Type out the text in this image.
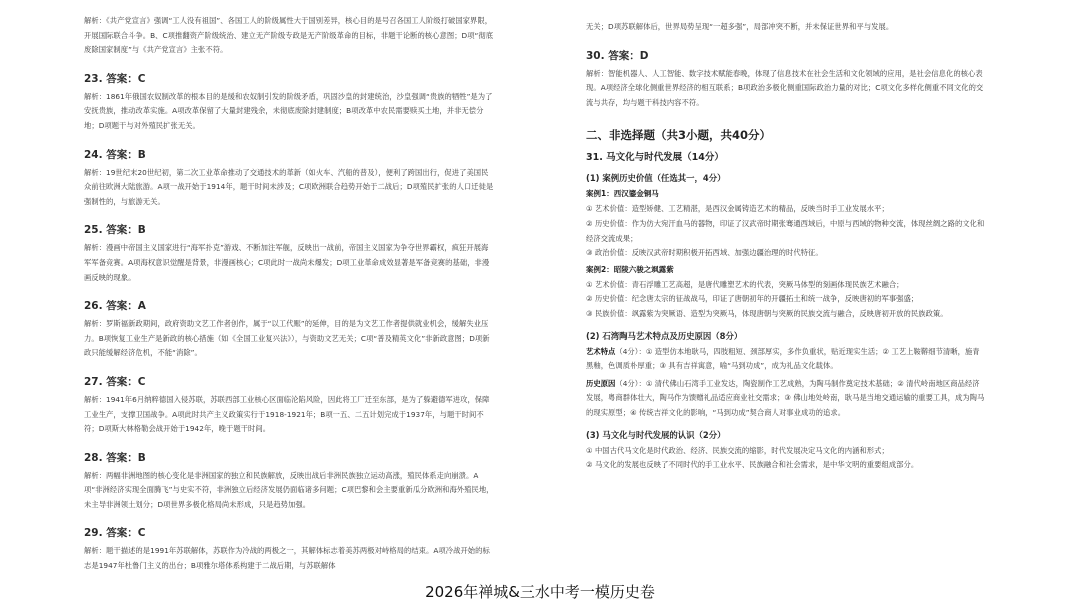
解析：《共产党宣言》强调“工人没有祖国”、各国工人的阶级属性大于国别差异，核心目的是号召各国工人阶级打破国家界限，开展国际联合斗争。B、C项推翻资产阶级统治、建立无产阶级专政是无产阶级革命的目标，非题干论断的核心意图；D项“彻底废除国家制度”与《共产党宣言》主张不符。

23. 答案：C

解析：1861年俄国农奴制改革的根本目的是缓和农奴制引发的阶级矛盾，巩固沙皇的封建统治，沙皇强调“贵族的牺牲”是为了安抚贵族，推动改革实施。A项改革保留了大量封建残余，未彻底废除封建制度；B项改革中农民需要赎买土地，并非无偿分地；D项题干与对外殖民扩张无关。

24. 答案：B

解析：19世纪末20世纪初，第二次工业革命推动了交通技术的革新（如火车、汽船的普及），便利了跨国出行，促进了美国民众前往欧洲大陆旅游。A项一战开始于1914年，题干时间未涉及；C项欧洲联合趋势开始于二战后；D项殖民扩张的人口迁徙是强制性的，与旅游无关。

25. 答案：B

解析：漫画中帝国主义国家进行“海军扑克”游戏、不断加注军舰，反映出一战前，帝国主义国家为争夺世界霸权，疯狂开展海军军备竞赛。A项海权意识觉醒是背景，非漫画核心；C项此时一战尚未爆发；D项工业革命成效显著是军备竞赛的基础，非漫画反映的现象。

26. 答案：A

解析：罗斯福新政期间，政府资助文艺工作者创作，属于“以工代赈”的延伸，目的是为文艺工作者提供就业机会，缓解失业压力。B项恢复工业生产是新政的核心措施（如《全国工业复兴法》），与资助文艺无关；C项“普及精英文化”非新政意图；D项新政只能缓解经济危机，不能“消除”。

27. 答案：C

解析：1941年6月纳粹德国入侵苏联，苏联西部工业核心区面临沦陷风险，因此将工厂迁至东部，是为了躲避德军进攻，保障工业生产，支撑卫国战争。A项此时共产主义政策实行于1918-1921年；B项一五、二五计划完成于1937年，与题干时间不符；D项斯大林格勒会战开始于1942年，晚于题干时间。

28. 答案：B

解析：两幅非洲地图的核心变化是非洲国家的独立和民族解放，反映出战后非洲民族独立运动高涨，殖民体系走向崩溃。A项“非洲经济实现全面腾飞”与史实不符，非洲独立后经济发展仍面临诸多问题；C项巴黎和会主要重新瓜分欧洲和海外殖民地，未主导非洲领土划分；D项世界多极化格局尚未形成，只是趋势加强。

29. 答案：C

解析：题干描述的是1991年苏联解体，苏联作为冷战的两极之一，其解体标志着美苏两极对峙格局的结束。A项冷战开始的标志是1947年杜鲁门主义的出台；B项雅尔塔体系构建于二战后期，与苏联解体

无关；D项苏联解体后，世界局势呈现“一超多强”，局部冲突不断，并未保证世界和平与发展。

30. 答案：D

解析：智能机器人、人工智能、数字技术赋能春晚，体现了信息技术在社会生活和文化领域的应用，是社会信息化的核心表现。A项经济全球化侧重世界经济的相互联系；B项政治多极化侧重国际政治力量的对比；C项文化多样化侧重不同文化的交流与共存，均与题干科技内容不符。

二、非选择题（共3小题，共40分）
31. 马文化与时代发展（14分）
(1) 案例历史价值（任选其一，4分）
案例1：西汉鎏金铜马

① 艺术价值：造型矫健、工艺精湛，是西汉金属铸造艺术的精品，反映当时手工业发展水平；

② 历史价值：作为仿大宛汗血马的器物，印证了汉武帝时期张骞通西域后，中原与西域的物种交流，体现丝绸之路的文化和经济交流成果；

③ 政治价值：反映汉武帝时期积极开拓西域、加强边疆治理的时代特征。

案例2：昭陵六骏之飒露紫

① 艺术价值：青石浮雕工艺高超，是唐代雕塑艺术的代表，突厥马体型的刻画体现民族艺术融合；

② 历史价值：纪念唐太宗的征战战马，印证了唐朝初年的开疆拓土和统一战争，反映唐初的军事强盛；

③ 民族价值：飒露紫为突厥语、造型为突厥马，体现唐朝与突厥的民族交流与融合，反映唐初开放的民族政策。

(2) 石湾陶马艺术特点及历史原因（8分）

艺术特点（4分）：① 造型仿本地耿马，四肢粗短、颈部厚实，多作负重状，贴近现实生活；② 工艺上鞍鞯细节清晰，施青黑釉，色调质朴厚重；③ 具有吉祥寓意，喻“马到功成”，成为礼品文化载体。

历史原因（4分）：① 清代佛山石湾手工业发达，陶瓷制作工艺成熟，为陶马制作奠定技术基础；② 清代岭南地区商品经济发展，粤商群体壮大，陶马作为馈赠礼品适应商业社交需求；③ 佛山地处岭南，耿马是当地交通运输的重要工具，成为陶马的现实原型；④ 传统吉祥文化的影响，“马到功成”契合商人对事业成功的追求。

(3) 马文化与时代发展的认识（2分）

① 中国古代马文化是时代政治、经济、民族交流的缩影，时代发展决定马文化的内涵和形式；

② 马文化的发展也反映了不同时代的手工业水平、民族融合和社会需求，是中华文明的重要组成部分。

2026年禅城&三水中考一模历史卷
